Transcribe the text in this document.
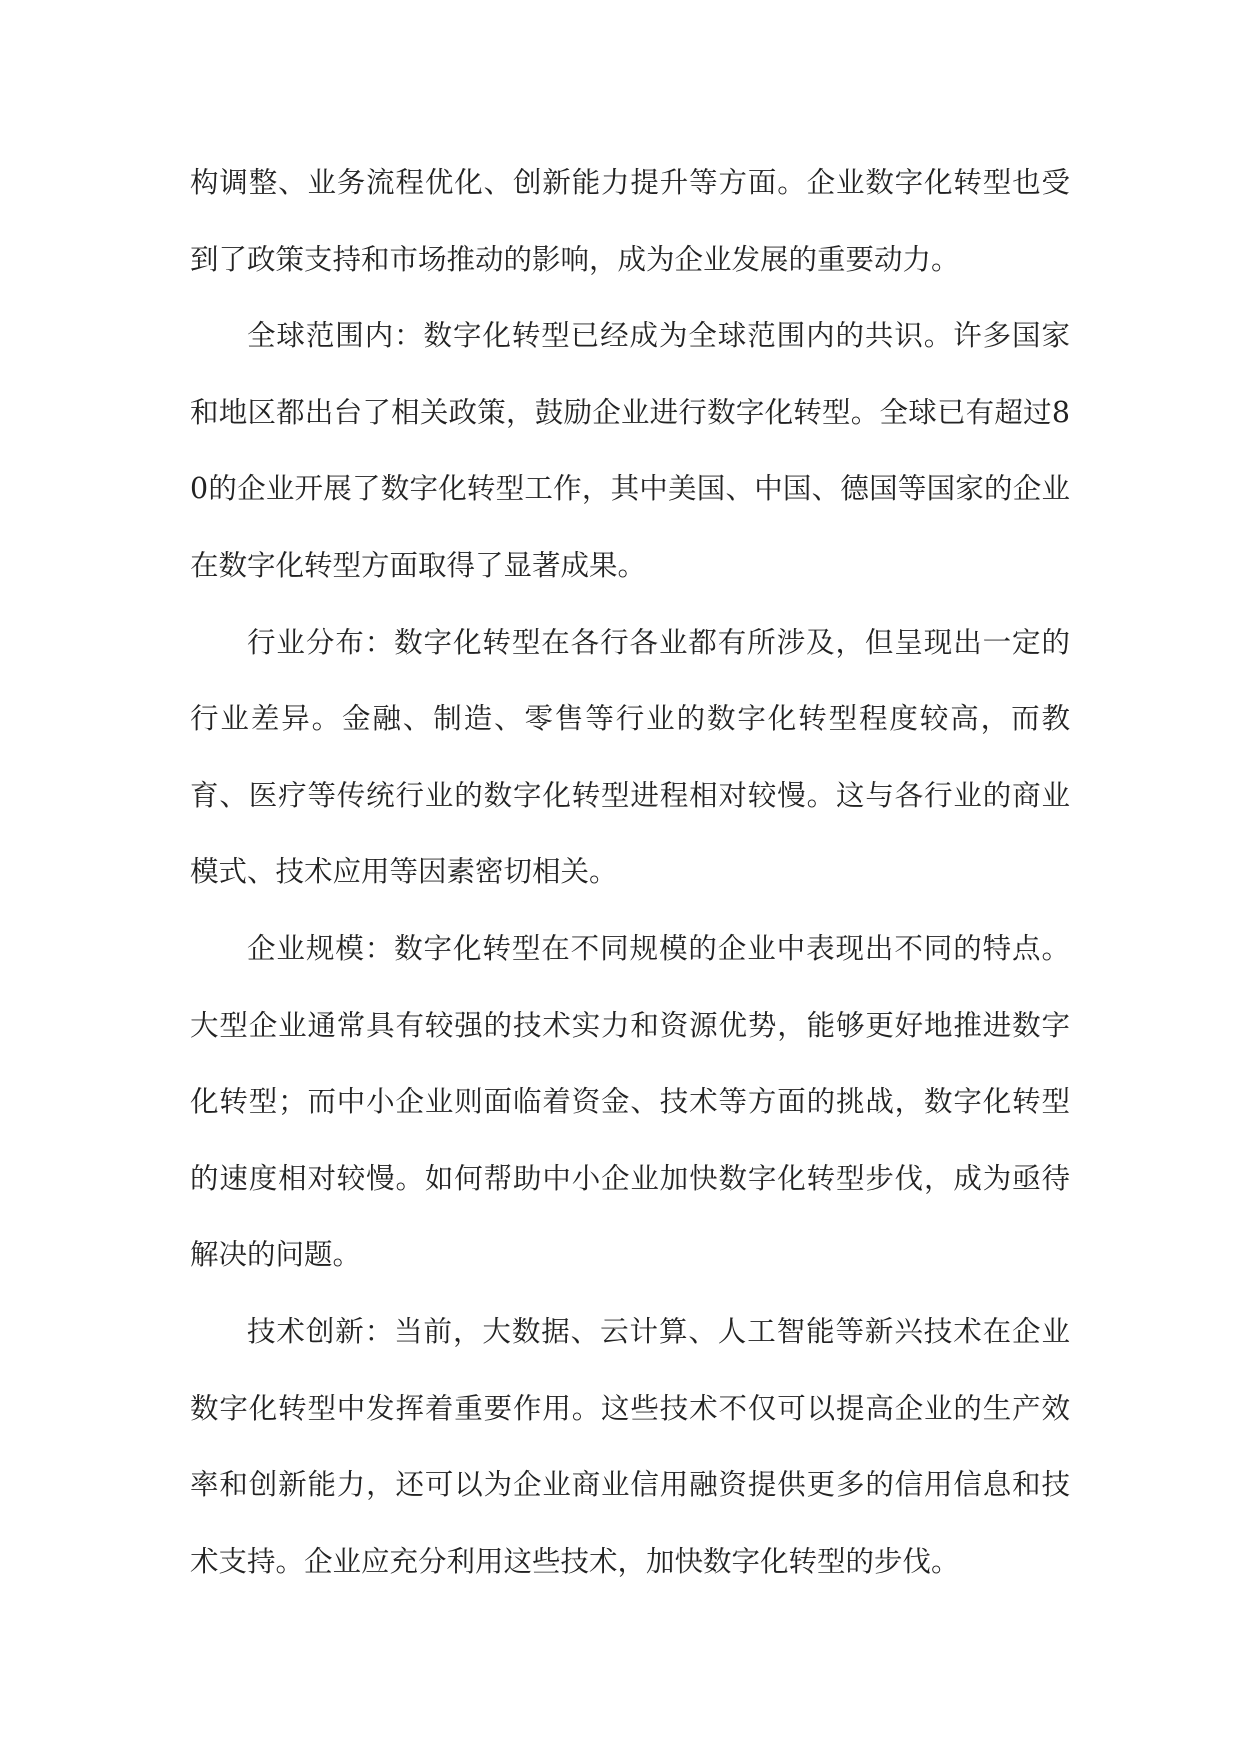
构调整、业务流程优化、创新能力提升等方面。企业数字化转型也受到了政策支持和市场推动的影响，成为企业发展的重要动力。

全球范围内：数字化转型已经成为全球范围内的共识。许多国家和地区都出台了相关政策，鼓励企业进行数字化转型。全球已有超过80的企业开展了数字化转型工作，其中美国、中国、德国等国家的企业在数字化转型方面取得了显著成果。

行业分布：数字化转型在各行各业都有所涉及，但呈现出一定的行业差异。金融、制造、零售等行业的数字化转型程度较高，而教育、医疗等传统行业的数字化转型进程相对较慢。这与各行业的商业模式、技术应用等因素密切相关。

企业规模：数字化转型在不同规模的企业中表现出不同的特点。大型企业通常具有较强的技术实力和资源优势，能够更好地推进数字化转型；而中小企业则面临着资金、技术等方面的挑战，数字化转型的速度相对较慢。如何帮助中小企业加快数字化转型步伐，成为亟待解决的问题。

技术创新：当前，大数据、云计算、人工智能等新兴技术在企业数字化转型中发挥着重要作用。这些技术不仅可以提高企业的生产效率和创新能力，还可以为企业商业信用融资提供更多的信用信息和技术支持。企业应充分利用这些技术，加快数字化转型的步伐。
